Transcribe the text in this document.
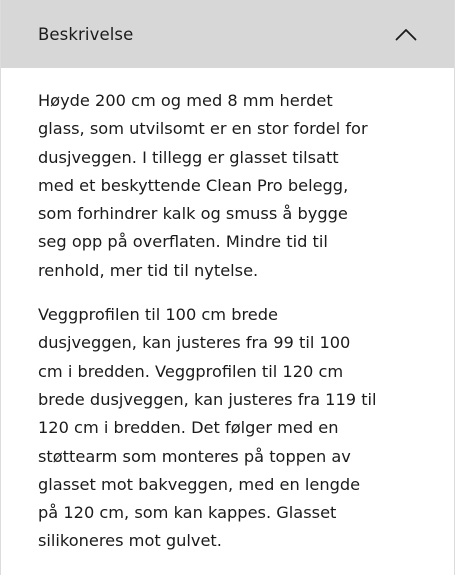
Beskrivelse

Høyde 200 cm og med 8 mm herdet
glass, som utvilsomt er en stor fordel for
dusjveggen. I tillegg er glasset tilsatt
med et beskyttende Clean Pro belegg,
som forhindrer kalk og smuss å bygge
seg opp på overflaten. Mindre tid til
renhold, mer tid til nytelse.

Veggprofilen til 100 cm brede
dusjveggen, kan justeres fra 99 til 100
cm i bredden. Veggprofilen til 120 cm
brede dusjveggen, kan justeres fra 119 til
120 cm i bredden. Det følger med en
støttearm som monteres på toppen av
glasset mot bakveggen, med en lengde
på 120 cm, som kan kappes. Glasset
silikoneres mot gulvet.
